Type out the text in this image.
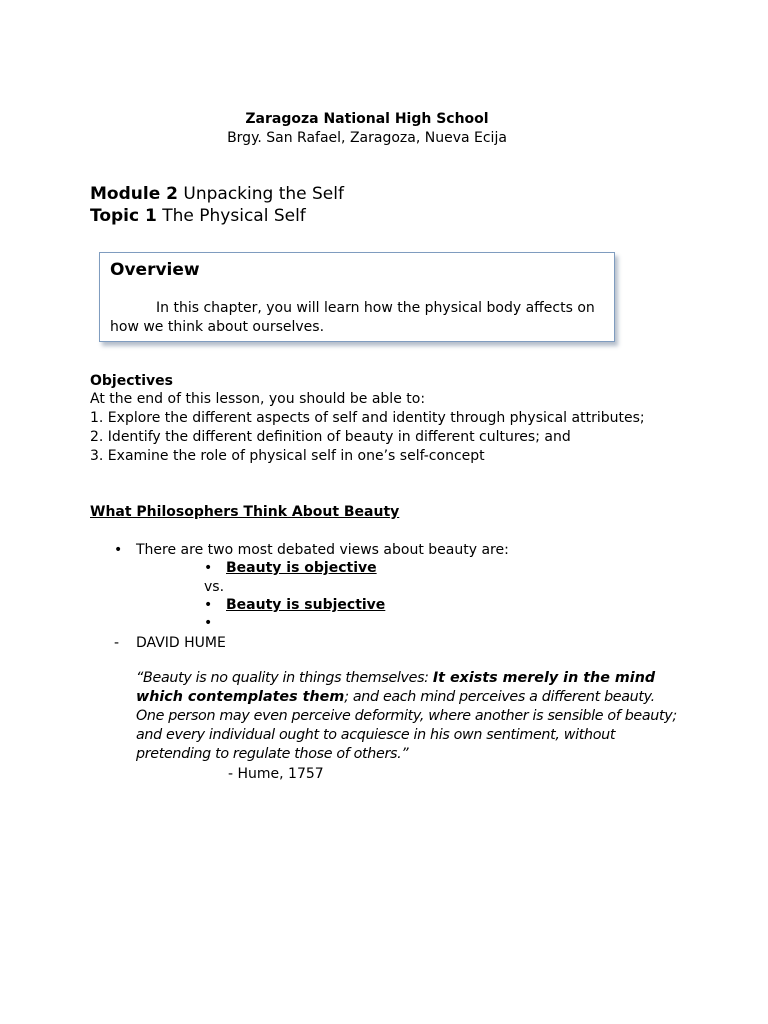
Zaragoza National High School
Brgy. San Rafael, Zaragoza, Nueva Ecija
Module 2 Unpacking the Self
Topic 1 The Physical Self
Overview
In this chapter, you will learn how the physical body affects on how we think about ourselves.
Objectives
At the end of this lesson, you should be able to:
1. Explore the different aspects of self and identity through physical attributes;
2. Identify the different definition of beauty in different cultures; and
3. Examine the role of physical self in one’s self-concept
What Philosophers Think About Beauty
• There are two most debated views about beauty are:
• Beauty is objective
vs.
• Beauty is subjective
•
- DAVID HUME
“Beauty is no quality in things themselves: It exists merely in the mind which contemplates them; and each mind perceives a different beauty. One person may even perceive deformity, where another is sensible of beauty; and every individual ought to acquiesce in his own sentiment, without pretending to regulate those of others.”
- Hume, 1757
